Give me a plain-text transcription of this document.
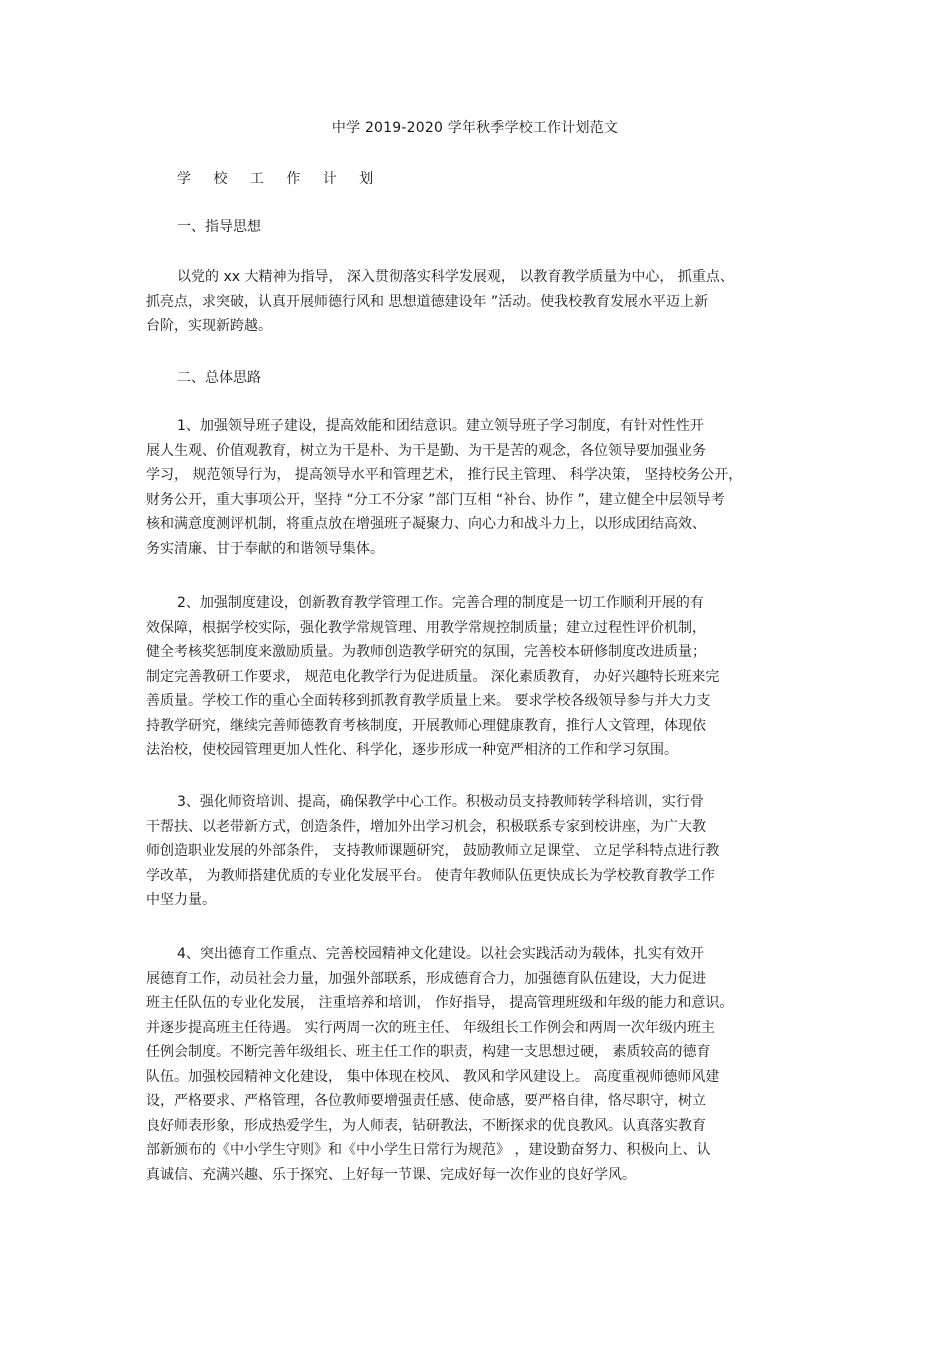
中学 2019-2020 学年秋季学校工作计划范文
学 校 工 作 计 划
一、指导思想
以党的 xx 大精神为指导， 深入贯彻落实科学发展观， 以教育教学质量为中心， 抓重点、
抓亮点，求突破，认真开展师德行风和 思想道德建设年 ”活动。使我校教育发展水平迈上新
台阶，实现新跨越。
二、总体思路
1、加强领导班子建设，提高效能和团结意识。建立领导班子学习制度，有针对性性开
展人生观、价值观教育，树立为干是朴、为干是勤、为干是苦的观念，各位领导要加强业务
学习， 规范领导行为， 提高领导水平和管理艺术， 推行民主管理、 科学决策， 坚持校务公开，
财务公开，重大事项公开，坚持 “分工不分家 ”部门互相 “补台、协作 ”，建立健全中层领导考
核和满意度测评机制，将重点放在增强班子凝聚力、向心力和战斗力上，以形成团结高效、
务实清廉、甘于奉献的和谐领导集体。
2、加强制度建设，创新教育教学管理工作。完善合理的制度是一切工作顺利开展的有
效保障，根据学校实际，强化教学常规管理、用教学常规控制质量；建立过程性评价机制，
健全考核奖惩制度来激励质量。为教师创造教学研究的氛围，完善校本研修制度改进质量；
制定完善教研工作要求， 规范电化教学行为促进质量。 深化素质教育， 办好兴趣特长班来完
善质量。学校工作的重心全面转移到抓教育教学质量上来。 要求学校各级领导参与并大力支
持教学研究，继续完善师德教育考核制度，开展教师心理健康教育，推行人文管理，体现依
法治校，使校园管理更加人性化、科学化，逐步形成一种宽严相济的工作和学习氛围。
3、强化师资培训、提高，确保教学中心工作。积极动员支持教师转学科培训，实行骨
干帮扶、以老带新方式，创造条件，增加外出学习机会，积极联系专家到校讲座，为广大教
师创造职业发展的外部条件， 支持教师课题研究， 鼓励教师立足课堂、 立足学科特点进行教
学改革， 为教师搭建优质的专业化发展平台。 使青年教师队伍更快成长为学校教育教学工作
中坚力量。
4、突出德育工作重点、完善校园精神文化建设。以社会实践活动为载体，扎实有效开
展德育工作，动员社会力量，加强外部联系，形成德育合力，加强德育队伍建设，大力促进
班主任队伍的专业化发展， 注重培养和培训， 作好指导， 提高管理班级和年级的能力和意识。
并逐步提高班主任待遇。 实行两周一次的班主任、 年级组长工作例会和两周一次年级内班主
任例会制度。不断完善年级组长、班主任工作的职责，构建一支思想过硬， 素质较高的德育
队伍。加强校园精神文化建设， 集中体现在校风、 教风和学风建设上。 高度重视师德师风建
设，严格要求、严格管理，各位教师要增强责任感、使命感，要严格自律，恪尽职守，树立
良好师表形象，形成热爱学生，为人师表，钻研教法，不断探求的优良教风。认真落实教育
部新颁布的《中小学生守则》和《中小学生日常行为规范》 ，建设勤奋努力、积极向上、认
真诚信、充满兴趣、乐于探究、上好每一节课、完成好每一次作业的良好学风。
